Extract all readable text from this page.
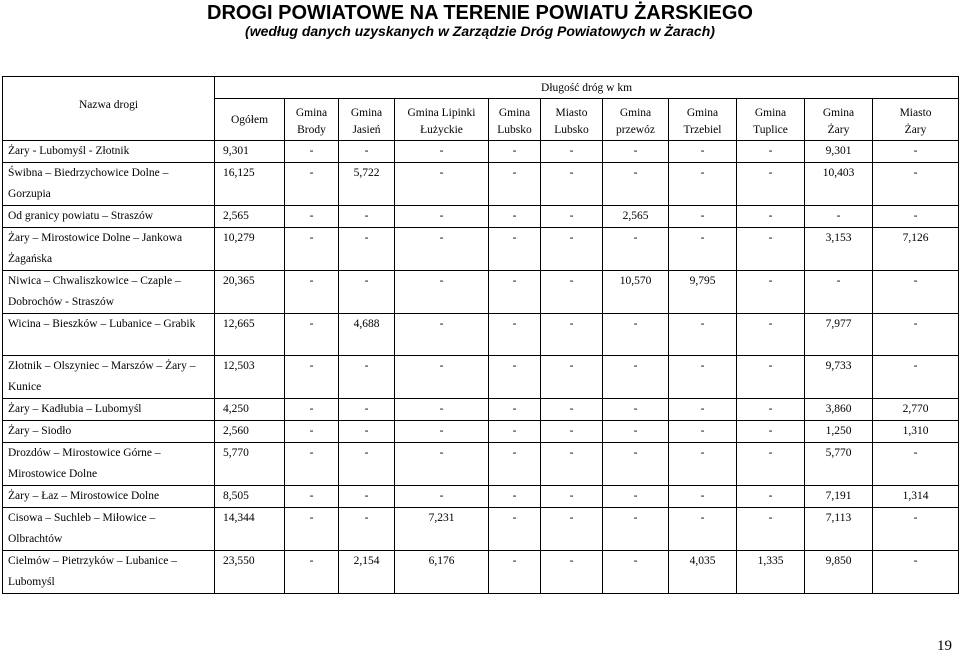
DROGI POWIATOWE NA TERENIE POWIATU ŻARSKIEGO
(według danych uzyskanych w Zarządzie Dróg Powiatowych w Żarach)
Nazwa drogi	Długość dróg w km										
	Ogółem	Gmina	Gmina	Gmina Lipinki	Gmina	Miasto	Gmina	Gmina	Gmina	Gmina	Miasto
		Brody	Jasień	Łużyckie	Lubsko	Lubsko	przewóz	Trzebiel	Tuplice	Żary	Żary
Żary - Lubomyśl - Złotnik	9,301	-	-	-	-	-	-	-	-	9,301	-
Świbna – Biedrzychowice Dolne – Gorzupia	16,125	-	5,722	-	-	-	-	-	-	10,403	-
Od granicy powiatu – Straszów	2,565	-	-	-	-	-	2,565	-	-	-	-
Żary – Mirostowice Dolne – Jankowa Żagańska	10,279	-	-	-	-	-	-	-	-	3,153	7,126
Niwica – Chwaliszkowice – Czaple – Dobrochów - Straszów	20,365	-	-	-	-	-	10,570	9,795	-	-	-
Wicina – Bieszków – Lubanice – Grabik	12,665	-	4,688	-	-	-	-	-	-	7,977	-
Złotnik – Olszyniec – Marszów – Żary – Kunice	12,503	-	-	-	-	-	-	-	-	9,733	-
Żary – Kadłubia – Lubomyśl	4,250	-	-	-	-	-	-	-	-	3,860	2,770
Żary – Siodło	2,560	-	-	-	-	-	-	-	-	1,250	1,310
Drozdów – Mirostowice Górne – Mirostowice Dolne	5,770	-	-	-	-	-	-	-	-	5,770	-
Żary – Łaz – Mirostowice Dolne	8,505	-	-	-	-	-	-	-	-	7,191	1,314
Cisowa – Suchleb – Miłowice – Olbrachtów	14,344	-	-	7,231	-	-	-	-	-	7,113	-
Cielmów – Pietrzyków – Lubanice – Lubomyśl	23,550	-	2,154	6,176	-	-	-	4,035	1,335	9,850	-
19
